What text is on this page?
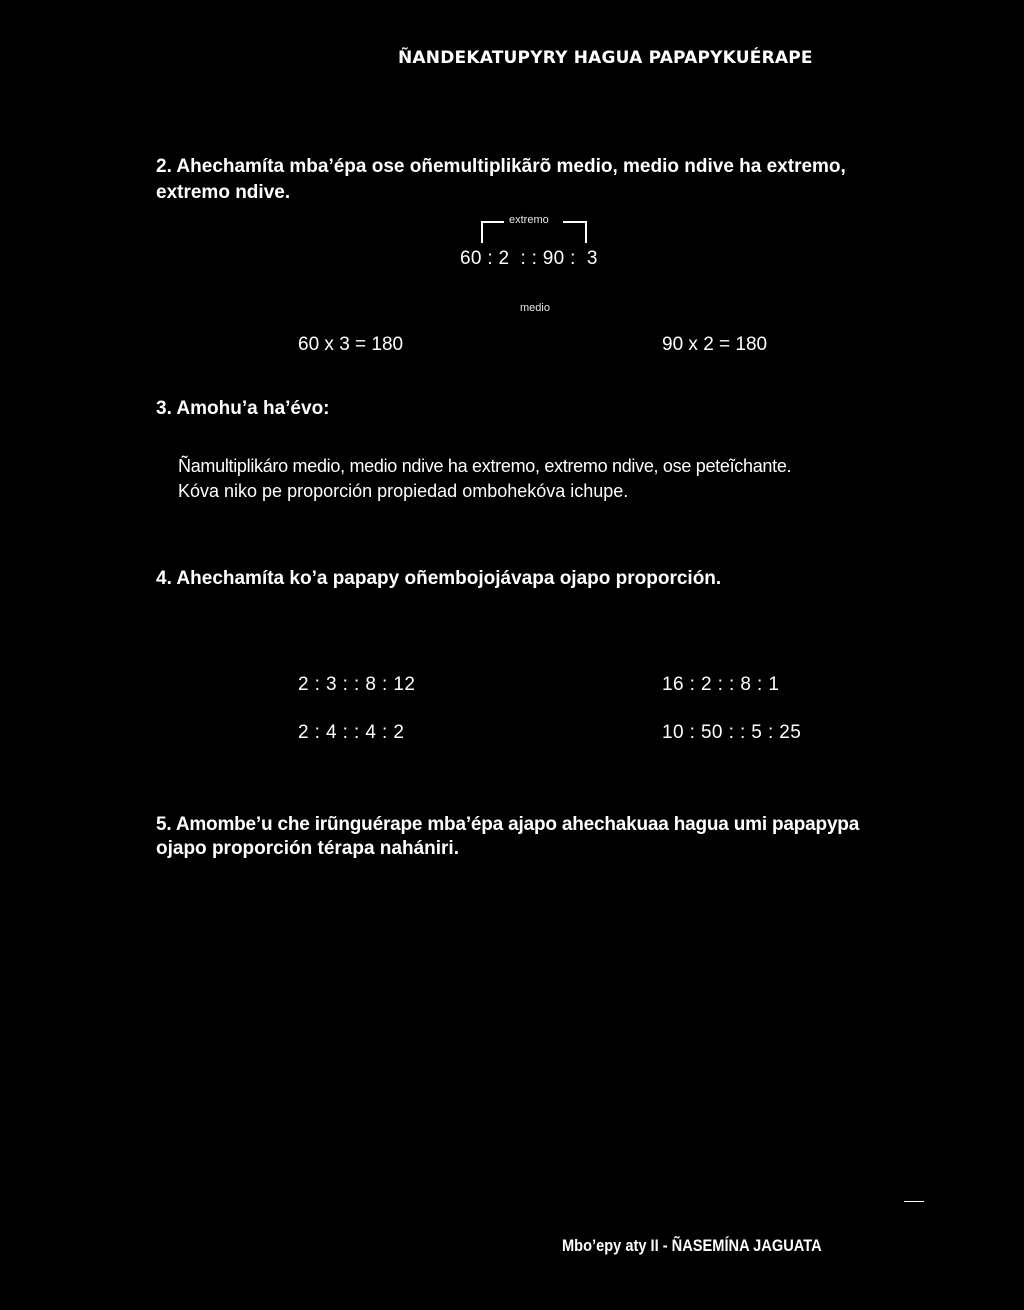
ÑANDEKATUPYRY HAGUA PAPAPYKUÉRAPE
2. Ahechamíta mba’épa ose oñemultiplikãrõ medio, medio ndive ha extremo,
extremo ndive.
extremo
60 : 2  : : 90 :  3
medio
60 x 3 = 180	90 x 2 = 180
3. Amohu’a ha’évo:
Ñamultiplikáro medio, medio ndive ha extremo, extremo ndive, ose peteĩchante.
Kóva niko pe proporción propiedad ombohekóva ichupe.
4. Ahechamíta ko’a papapy oñembojojávapa ojapo proporción.
2 : 3 : : 8 : 12	16 : 2 : : 8 : 1
2 : 4 : : 4 : 2	10 : 50 : : 5 : 25
5. Amombe’u che irũnguérape mba’épa ajapo ahechakuaa hagua umi papapypa
ojapo proporción térapa nahániri.
Mbo’epy aty II - ÑASEMÍNA JAGUATA
